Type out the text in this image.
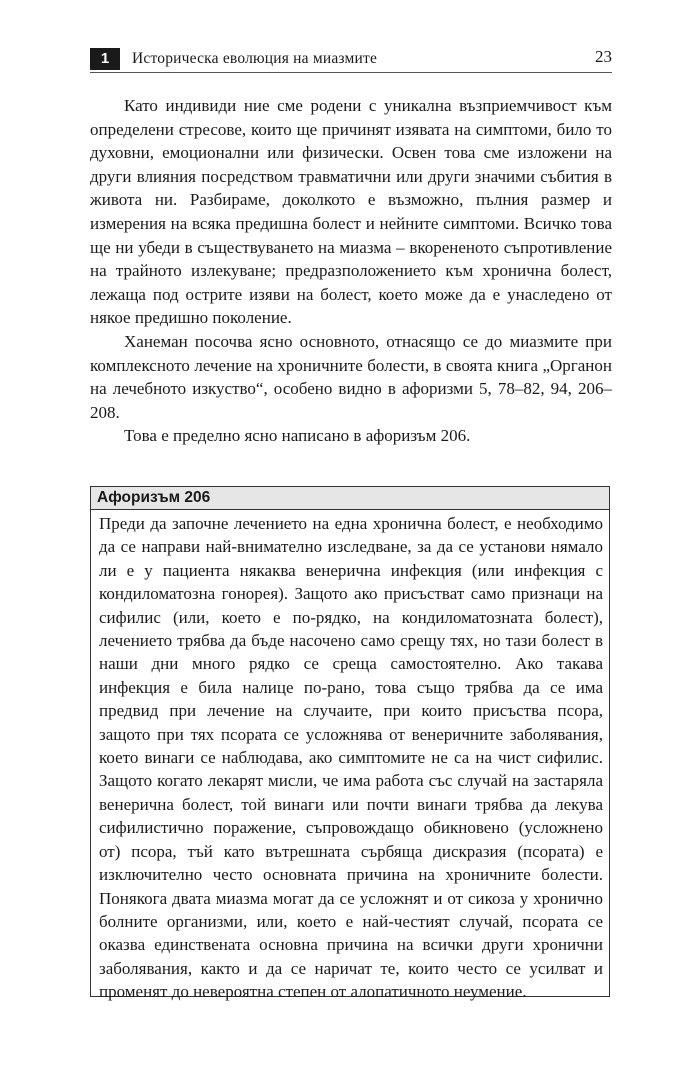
1	Историческа еволюция на миазмите	23

Като индивиди ние сме родени с уникална възприемчивост към определени стресове, които ще причинят изявата на симптоми, било то духовни, емоционални или физически. Освен това сме изложени на други влияния посредством травматични или други значими събития в живота ни. Разбираме, доколкото е възможно, пълния размер и измерения на всяка предишна болест и нейните симптоми. Всичко това ще ни убеди в съществуването на миазма – вкорененото съпротивление на трайното излекуване; предразположението към хронична болест, лежаща под острите изяви на болест, което може да е унаследено от някое предишно поколение.

Ханеман посочва ясно основното, отнасящо се до миазмите при комплексното лечение на хроничните болести, в своята книга „Органон на лечебното изкуство“, особено видно в афоризми 5, 78–82, 94, 206–208.

Това е пределно ясно написано в афоризъм 206.

Афоризъм 206
Преди да започне лечението на една хронична болест, е необходимо да се направи най-внимателно изследване, за да се установи нямало ли е у пациента някаква венерична инфекция (или инфекция с кондиломатозна гонорея). Защото ако присъстват само признаци на сифилис (или, което е по-рядко, на кондиломатозната болест), лечението трябва да бъде насочено само срещу тях, но тази болест в наши дни много рядко се среща самостоятелно. Ако такава инфекция е била налице по-рано, това също трябва да се има предвид при лечение на случаите, при които присъства псора, защото при тях псората се усложнява от венеричните заболявания, което винаги се наблюдава, ако симптомите не са на чист сифилис. Защото когато лекарят мисли, че има работа със случай на застаряла венерична болест, той винаги или почти винаги трябва да лекува сифилистично поражение, съпровождащо обикновено (усложнено от) псора, тъй като вътрешната сърбяща дискразия (псората) е изключително често основната причина на хроничните болести. Понякога двата миазма могат да се усложнят и от сикоза у хронично болните организми, или, което е най-честият случай, псората се оказва единствената основна причина на всички други хронични заболявания, както и да се наричат те, които често се усилват и променят до невероятна степен от алопатичното неумение.
